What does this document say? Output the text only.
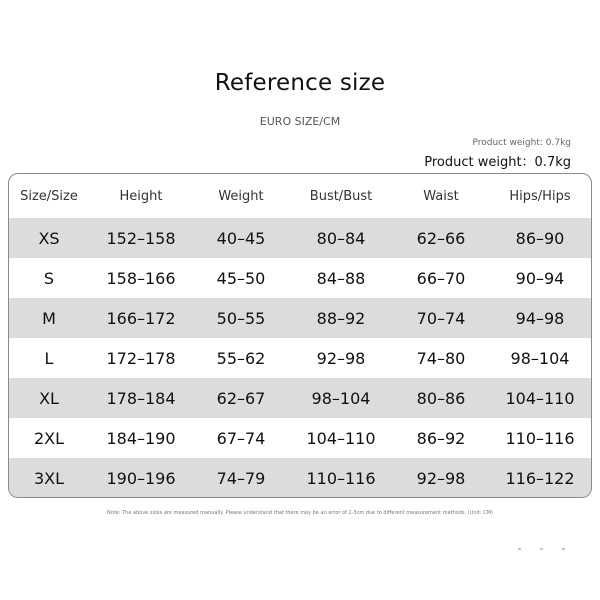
Reference size
EURO SIZE/CM
Product weight: 0.7kg
Product weight：0.7kg
Size/Size	Height	Weight	Bust/Bust	Waist	Hips/Hips
XS	152–158	40–45	80–84	62–66	86–90
S	158–166	45–50	84–88	66–70	90–94
M	166–172	50–55	88–92	70–74	94–98
L	172–178	55–62	92–98	74–80	98–104
XL	178–184	62–67	98–104	80–86	104–110
2XL	184–190	67–74	104–110	86–92	110–116
3XL	190–196	74–79	110–116	92–98	116–122
Note: The above sizes are measured manually. Please understand that there may be an error of 1-3cm due to different measurement methods. (Unit: CM)
